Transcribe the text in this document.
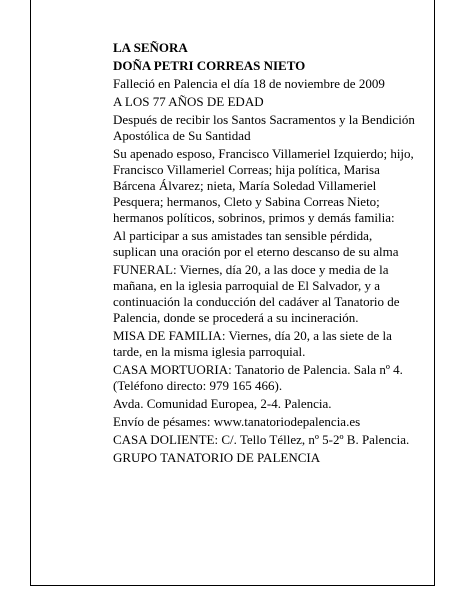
LA SEÑORA

DOÑA PETRI CORREAS NIETO

Falleció en Palencia el día 18 de noviembre de 2009

A LOS 77 AÑOS DE EDAD

Después de recibir los Santos Sacramentos y la Bendición Apostólica de Su Santidad

Su apenado esposo, Francisco Villameriel Izquierdo; hijo, Francisco Villameriel Correas; hija política, Marisa Bárcena Álvarez; nieta, María Soledad Villameriel Pesquera; hermanos, Cleto y Sabina Correas Nieto; hermanos políticos, sobrinos, primos y demás familia:

Al participar a sus amistades tan sensible pérdida, suplican una oración por el eterno descanso de su alma

FUNERAL: Viernes, día 20, a las doce y media de la mañana, en la iglesia parroquial de El Salvador, y a continuación la conducción del cadáver al Tanatorio de Palencia, donde se procederá a su incineración.

MISA DE FAMILIA: Viernes, día 20, a las siete de la tarde, en la misma iglesia parroquial.

CASA MORTUORIA: Tanatorio de Palencia. Sala nº 4. (Teléfono directo: 979 165 466).

Avda. Comunidad Europea, 2-4. Palencia.

Envío de pésames: www.tanatoriodepalencia.es

CASA DOLIENTE: C/. Tello Téllez, nº 5-2º B. Palencia.

GRUPO TANATORIO DE PALENCIA
